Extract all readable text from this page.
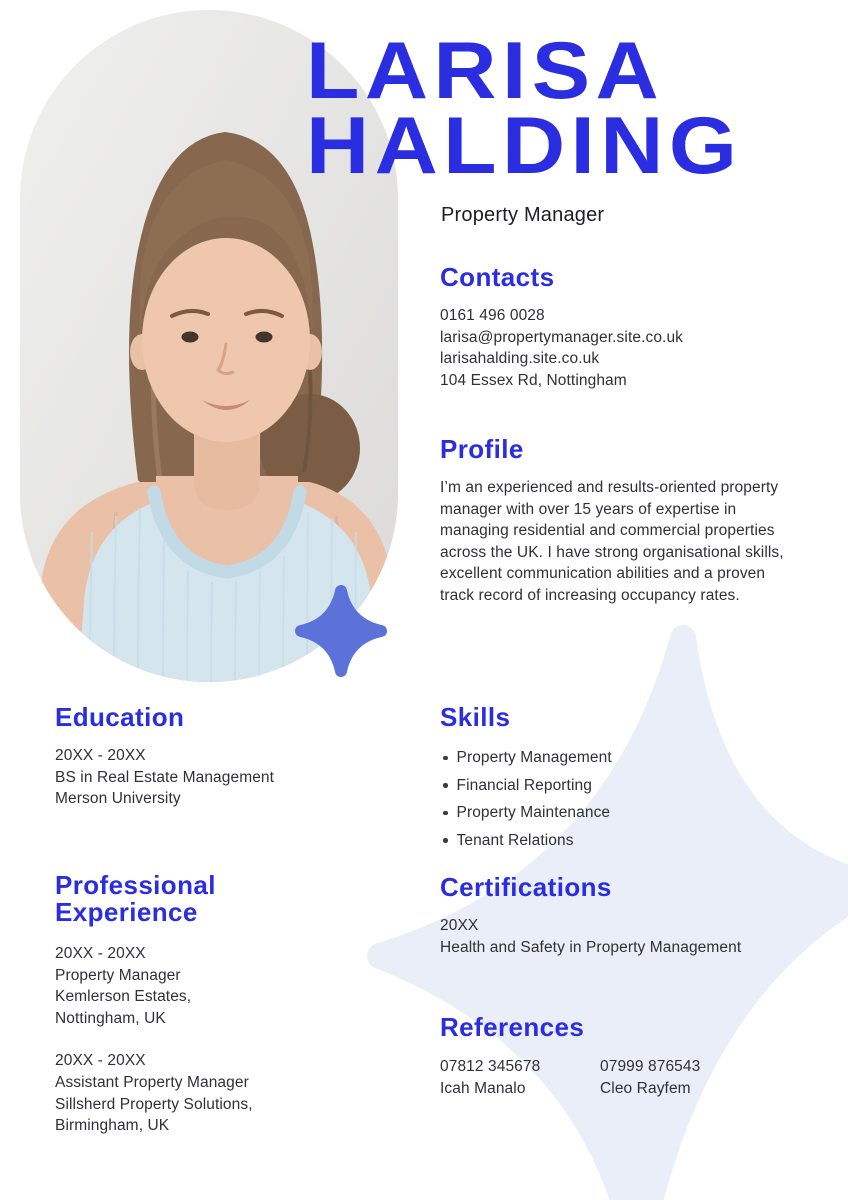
LARISA
HALDING
Property Manager
Contacts
0161 496 0028
larisa@propertymanager.site.co.uk
larisahalding.site.co.uk
104 Essex Rd, Nottingham
Profile

I’m an experienced and results-oriented property manager with over 15 years of expertise in managing residential and commercial properties across the UK. I have strong organisational skills, excellent communication abilities and a proven track record of increasing occupancy rates.

Education
20XX - 20XX
BS in Real Estate Management
Merson University
Skills
Property Management
Financial Reporting
Property Maintenance
Tenant Relations
Professional
Experience
20XX - 20XX
Property Manager
Kemlerson Estates,
Nottingham, UK
20XX - 20XX
Assistant Property Manager
Sillsherd Property Solutions,
Birmingham, UK
Certifications
20XX
Health and Safety in Property Management
References
07812 345678
Icah Manalo
07999 876543
Cleo Rayfem
